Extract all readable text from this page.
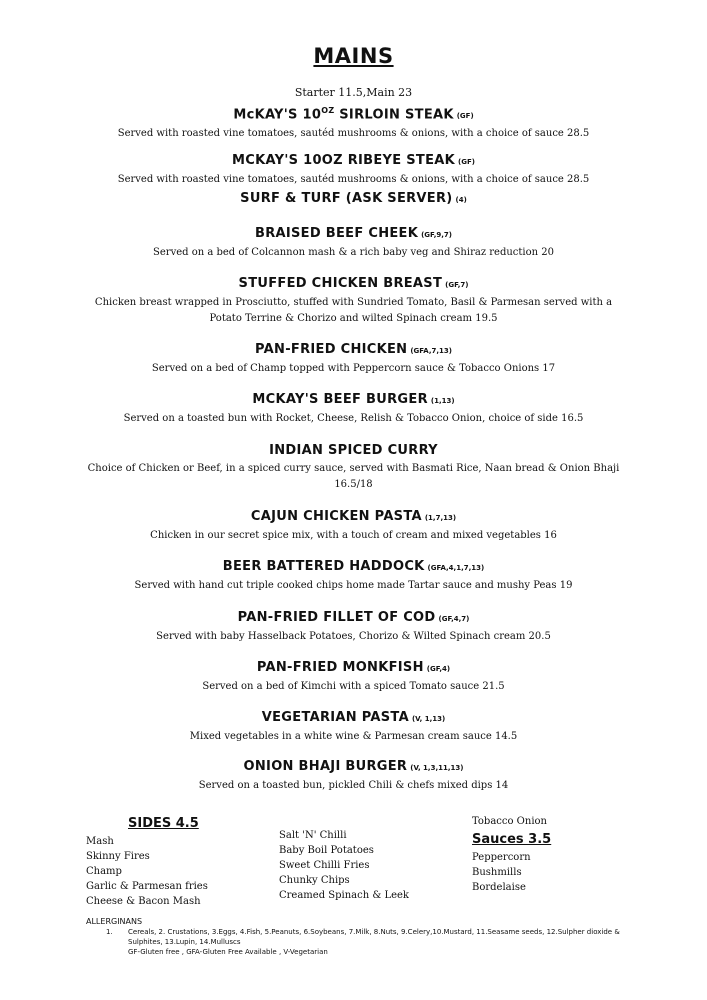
MAINS
Starter 11.5,Main 23
McKAY'S $10^{OZ}$ SIRLOIN STEAK (GF)
Served with roasted vine tomatoes, sautéd mushrooms & onions, with a choice of sauce 28.5
MCKAY'S 10OZ RIBEYE STEAK (GF)
Served with roasted vine tomatoes, sautéd mushrooms & onions, with a choice of sauce 28.5
SURF & TURF (ASK SERVER) (4)
BRAISED BEEF CHEEK (GF,9,7)
Served on a bed of Colcannon mash & a rich baby veg and Shiraz reduction 20
STUFFED CHICKEN BREAST (GF,7)
Chicken breast wrapped in Prosciutto, stuffed with Sundried Tomato, Basil & Parmesan served with a Potato Terrine & Chorizo and wilted Spinach cream 19.5
PAN-FRIED CHICKEN (GFA,7,13)
Served on a bed of Champ topped with Peppercorn sauce & Tobacco Onions 17
MCKAY'S BEEF BURGER (1,13)
Served on a toasted bun with Rocket, Cheese, Relish & Tobacco Onion, choice of side 16.5
INDIAN SPICED CURRY
Choice of Chicken or Beef, in a spiced curry sauce, served with Basmati Rice, Naan bread & Onion Bhaji 16.5/18
CAJUN CHICKEN PASTA (1,7,13)
Chicken in our secret spice mix, with a touch of cream and mixed vegetables 16
BEER BATTERED HADDOCK (GFA,4,1,7,13)
Served with hand cut triple cooked chips home made Tartar sauce and mushy Peas 19
PAN-FRIED FILLET OF COD (GF,4,7)
Served with baby Hasselback Potatoes, Chorizo & Wilted Spinach cream 20.5
PAN-FRIED MONKFISH (GF,4)
Served on a bed of Kimchi with a spiced Tomato sauce 21.5
VEGETARIAN PASTA (V, 1,13)
Mixed vegetables in a white wine & Parmesan cream sauce 14.5
ONION BHAJI BURGER (V, 1,3,11,13)
Served on a toasted bun, pickled Chili & chefs mixed dips 14
SIDES 4.5
Mash
Skinny Fires
Champ
Garlic & Parmesan fries
Cheese & Bacon Mash
Salt 'N' Chilli
Baby Boil Potatoes
Sweet Chilli Fries
Chunky Chips
Creamed Spinach & Leek
Tobacco Onion
Sauces 3.5
Peppercorn
Bushmills
Bordelaise
ALLERGINANS
1. Cereals, 2. Crustations, 3.Eggs, 4.Fish, 5.Peanuts, 6.Soybeans, 7.Milk, 8.Nuts, 9.Celery,10.Mustard, 11.Seasame seeds, 12.Sulpher dioxide & Sulphites, 13.Lupin, 14.Mulluscs
GF-Gluten free , GFA-Gluten Free Available , V-Vegetarian
